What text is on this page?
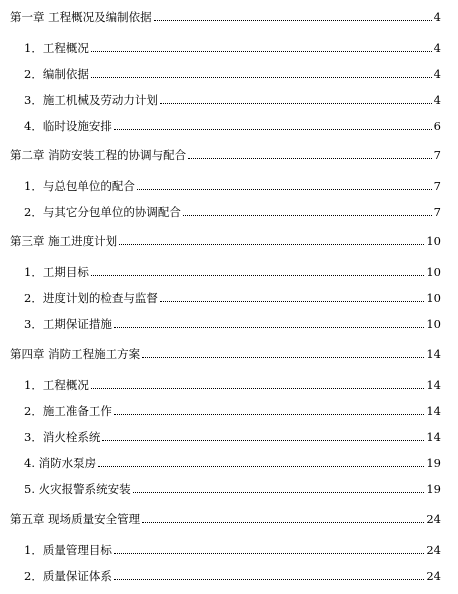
第一章 工程概况及编制依据	4
1．工程概况	4
2．编制依据	4
3．施工机械及劳动力计划	4
4．临时设施安排	6
第二章 消防安装工程的协调与配合	7
1．与总包单位的配合	7
2．与其它分包单位的协调配合	7
第三章 施工进度计划	10
1．工期目标	10
2．进度计划的检查与监督	10
3．工期保证措施	10
第四章 消防工程施工方案	14
1．工程概况	14
2．施工准备工作	14
3．消火栓系统	14
4. 消防水泵房	19
5. 火灾报警系统安装	19
第五章 现场质量安全管理	24
1．质量管理目标	24
2．质量保证体系	24
